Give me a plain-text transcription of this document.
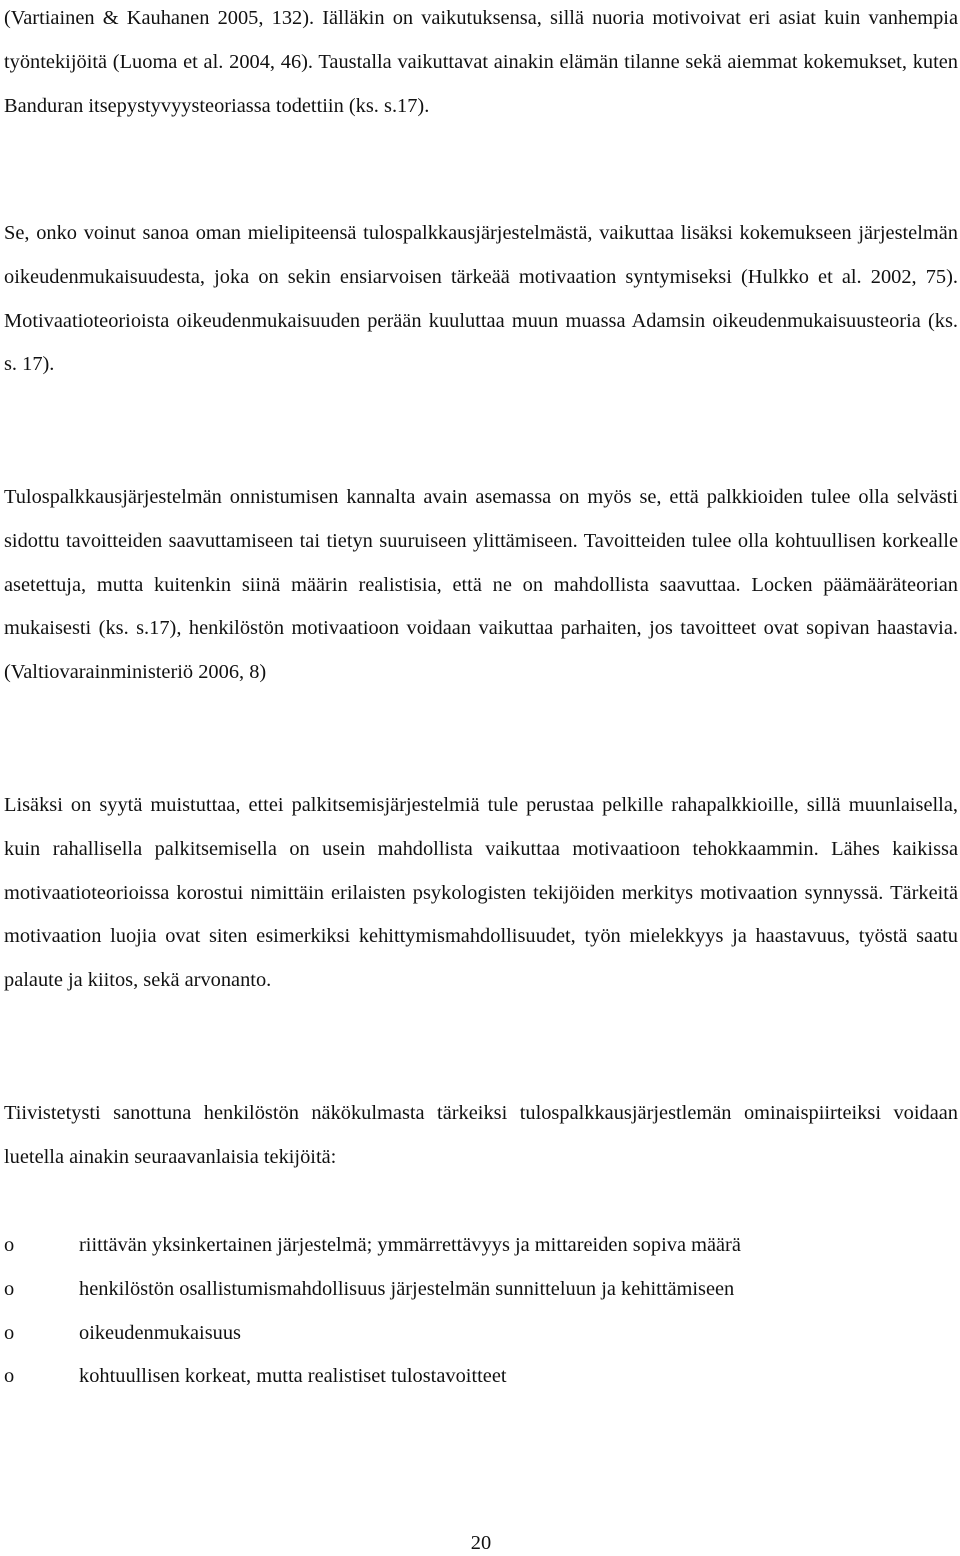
(Vartiainen & Kauhanen 2005, 132). Iälläkin on vaikutuksensa, sillä nuoria motivoivat eri asiat kuin vanhempia työntekijöitä (Luoma et al. 2004, 46). Taustalla vaikuttavat ainakin elämän tilanne sekä aiemmat kokemukset, kuten Banduran itsepystyvyysteoriassa todettiin (ks. s.17).

Se, onko voinut sanoa oman mielipiteensä tulospalkkausjärjestelmästä, vaikuttaa lisäksi kokemukseen järjestelmän oikeudenmukaisuudesta, joka on sekin ensiarvoisen tärkeää motivaation syntymiseksi (Hulkko et al. 2002, 75). Motivaatioteorioista oikeudenmukaisuuden perään kuuluttaa muun muassa Adamsin oikeudenmukaisuusteoria (ks. s. 17).

Tulospalkkausjärjestelmän onnistumisen kannalta avain asemassa on myös se, että palkkioiden tulee olla selvästi sidottu tavoitteiden saavuttamiseen tai tietyn suuruiseen ylittämiseen. Tavoitteiden tulee olla kohtuullisen korkealle asetettuja, mutta kuitenkin siinä määrin realistisia, että ne on mahdollista saavuttaa. Locken päämääräteorian mukaisesti (ks. s.17), henkilöstön motivaatioon voidaan vaikuttaa parhaiten, jos tavoitteet ovat sopivan haastavia. (Valtiovarainministeriö 2006, 8)

Lisäksi on syytä muistuttaa, ettei palkitsemisjärjestelmiä tule perustaa pelkille rahapalkkioille, sillä muunlaisella, kuin rahallisella palkitsemisella on usein mahdollista vaikuttaa motivaatioon tehokkaammin. Lähes kaikissa motivaatioteorioissa korostui nimittäin erilaisten psykologisten tekijöiden merkitys motivaation synnyssä. Tärkeitä motivaation luojia ovat siten esimerkiksi kehittymismahdollisuudet, työn mielekkyys ja haastavuus, työstä saatu palaute ja kiitos, sekä arvonanto.

Tiivistetysti sanottuna henkilöstön näkökulmasta tärkeiksi tulospalkkausjärjestlemän ominaispiirteiksi voidaan luetella ainakin seuraavanlaisia tekijöitä:

o	riittävän yksinkertainen järjestelmä; ymmärrettävyys ja mittareiden sopiva määrä
o	henkilöstön osallistumismahdollisuus järjestelmän sunnitteluun ja kehittämiseen
o	oikeudenmukaisuus
o	kohtuullisen korkeat, mutta realistiset tulostavoitteet
20
